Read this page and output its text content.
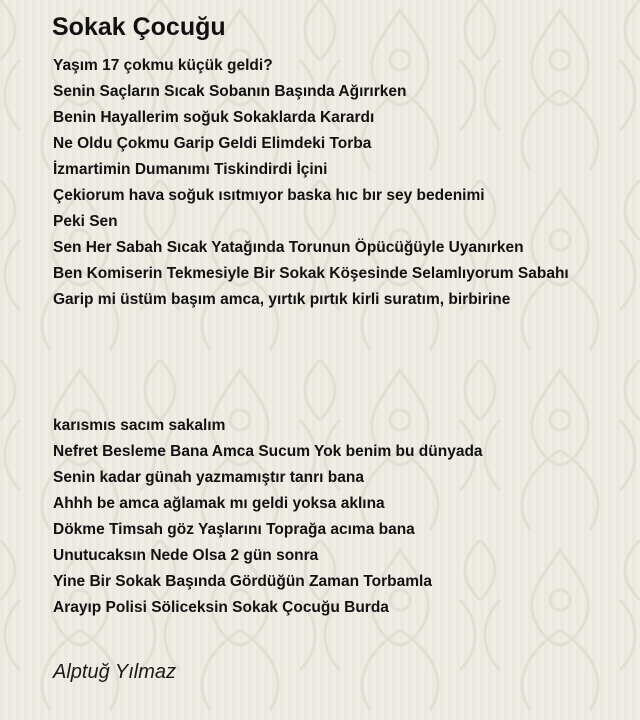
Sokak Çocuğu
Yaşım 17 çokmu küçük geldi?
Senin Saçların Sıcak Sobanın Başında Ağırırken
Benin Hayallerim soğuk Sokaklarda Karardı
Ne Oldu Çokmu Garip Geldi Elimdeki Torba
İzmartimin Dumanımı Tiskindirdi İçini
Çekiorum hava soğuk ısıtmıyor baska hıc bır sey bedenimi
Peki Sen
Sen Her Sabah Sıcak Yatağında Torunun Öpücüğüyle Uyanırken
Ben Komiserin Tekmesiyle Bir Sokak Köşesinde Selamlıyorum Sabahı
Garip mi üstüm başım amca, yırtık pırtık kirli suratım, birbirine
karısmıs sacım sakalım
Nefret Besleme Bana Amca Sucum Yok benim bu dünyada
Senin kadar günah yazmamıştır tanrı bana
Ahhh be amca ağlamak mı geldi yoksa aklına
Dökme Timsah göz Yaşlarını Toprağa acıma bana
Unutucaksın Nede Olsa 2 gün sonra
Yine Bir Sokak Başında Gördüğün Zaman Torbamla
Arayıp Polisi Söliceksin Sokak Çocuğu Burda

Alptuğ Yılmaz
